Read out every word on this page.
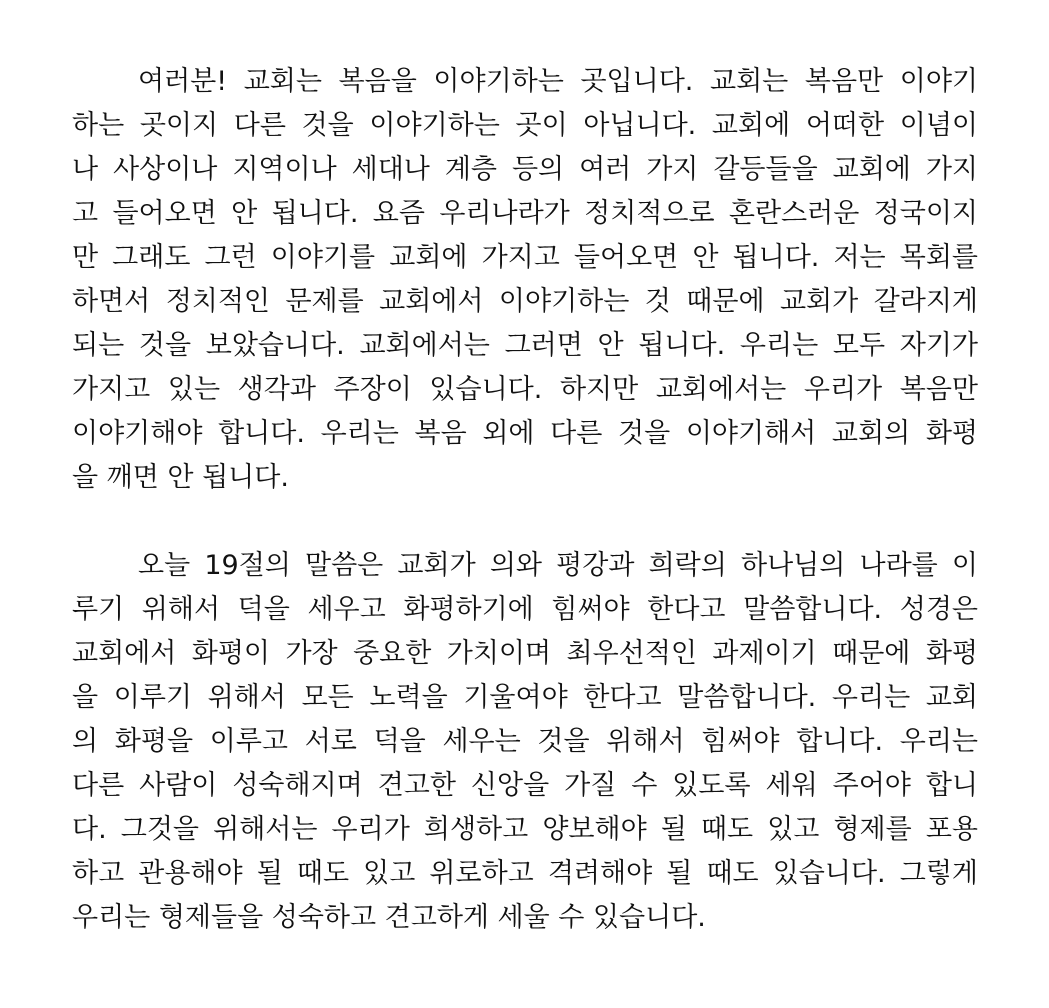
여러분! 교회는 복음을 이야기하는 곳입니다. 교회는 복음만 이야기
하는 곳이지 다른 것을 이야기하는 곳이 아닙니다. 교회에 어떠한 이념이
나 사상이나 지역이나 세대나 계층 등의 여러 가지 갈등들을 교회에 가지
고 들어오면 안 됩니다. 요즘 우리나라가 정치적으로 혼란스러운 정국이지
만 그래도 그런 이야기를 교회에 가지고 들어오면 안 됩니다. 저는 목회를
하면서 정치적인 문제를 교회에서 이야기하는 것 때문에 교회가 갈라지게
되는 것을 보았습니다. 교회에서는 그러면 안 됩니다. 우리는 모두 자기가
가지고 있는 생각과 주장이 있습니다. 하지만 교회에서는 우리가 복음만
이야기해야 합니다. 우리는 복음 외에 다른 것을 이야기해서 교회의 화평
을 깨면 안 됩니다.
오늘 19절의 말씀은 교회가 의와 평강과 희락의 하나님의 나라를 이
루기 위해서 덕을 세우고 화평하기에 힘써야 한다고 말씀합니다. 성경은
교회에서 화평이 가장 중요한 가치이며 최우선적인 과제이기 때문에 화평
을 이루기 위해서 모든 노력을 기울여야 한다고 말씀합니다. 우리는 교회
의 화평을 이루고 서로 덕을 세우는 것을 위해서 힘써야 합니다. 우리는
다른 사람이 성숙해지며 견고한 신앙을 가질 수 있도록 세워 주어야 합니
다. 그것을 위해서는 우리가 희생하고 양보해야 될 때도 있고 형제를 포용
하고 관용해야 될 때도 있고 위로하고 격려해야 될 때도 있습니다. 그렇게
우리는 형제들을 성숙하고 견고하게 세울 수 있습니다.
